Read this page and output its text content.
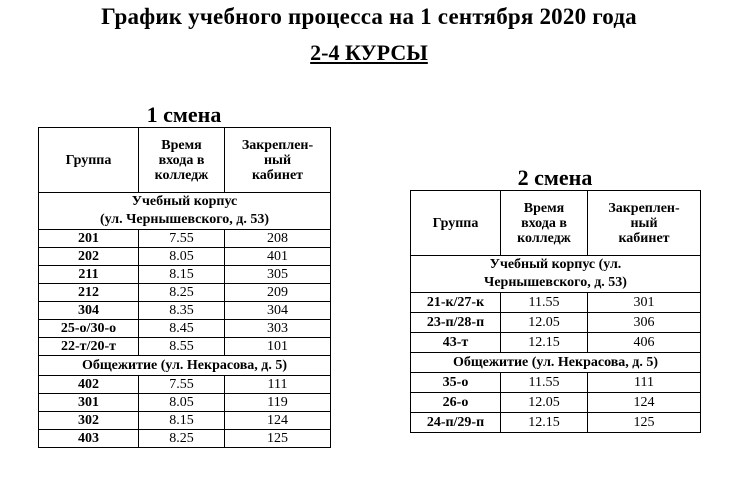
График учебного процесса на 1 сентября 2020 года
2-4 КУРСЫ
1 смена
Группа	Время
входа в
колледж	Закреплен-
ный
кабинет
Учебный корпус
(ул. Чернышевского, д. 53)		
201	7.55	208
202	8.05	401
211	8.15	305
212	8.25	209
304	8.35	304
25-о/30-о	8.45	303
22-т/20-т	8.55	101
Общежитие (ул. Некрасова, д. 5)		
402	7.55	111
301	8.05	119
302	8.15	124
403	8.25	125
2 смена
Группа	Время
входа в
колледж	Закреплен-
ный
кабинет
Учебный корпус (ул.
Чернышевского, д. 53)		
21-к/27-к	11.55	301
23-п/28-п	12.05	306
43-т	12.15	406
Общежитие (ул. Некрасова, д. 5)		
35-о	11.55	111
26-о	12.05	124
24-п/29-п	12.15	125
